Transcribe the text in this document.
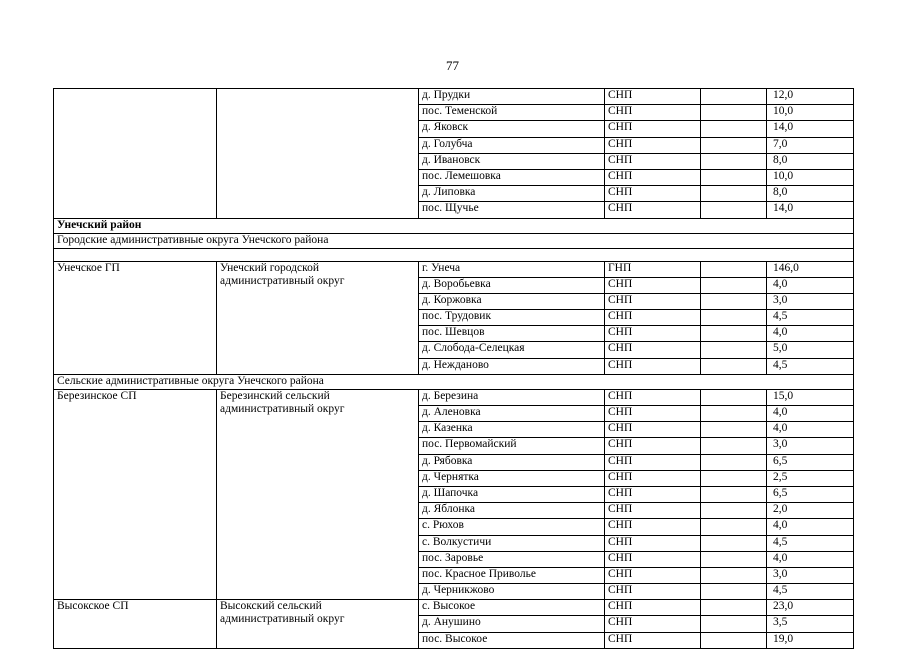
77
		д. Прудки	СНП		12,0
		пос. Теменской	СНП		10,0
		д. Яковск	СНП		14,0
		д. Голубча	СНП		7,0
		д. Ивановск	СНП		8,0
		пос. Лемешовка	СНП		10,0
		д. Липовка	СНП		8,0
		пос. Щучье	СНП		14,0
Унечский район					
Городские административные округа Унечского района					

Унечское ГП	Унечский городской административный округ	г. Унеча	ГНП		146,0
		д. Воробьевка	СНП		4,0
		д. Коржовка	СНП		3,0
		пос. Трудовик	СНП		4,5
		пос. Шевцов	СНП		4,0
		д. Слобода-Селецкая	СНП		5,0
		д. Нежданово	СНП		4,5
Сельские административные округа Унечского района					
Березинское СП	Березинский сельский административный округ	д. Березина	СНП		15,0
		д. Аленовка	СНП		4,0
		д. Казенка	СНП		4,0
		пос. Первомайский	СНП		3,0
		д. Рябовка	СНП		6,5
		д. Чернятка	СНП		2,5
		д. Шапочка	СНП		6,5
		д. Яблонка	СНП		2,0
		с. Рюхов	СНП		4,0
		с. Волкустичи	СНП		4,5
		пос. Заровье	СНП		4,0
		пос. Красное Приволье	СНП		3,0
		д. Черникжово	СНП		4,5
Высокское СП	Высокский сельский административный округ	с. Высокое	СНП		23,0
		д. Анушино	СНП		3,5
		пос. Высокое	СНП		19,0
